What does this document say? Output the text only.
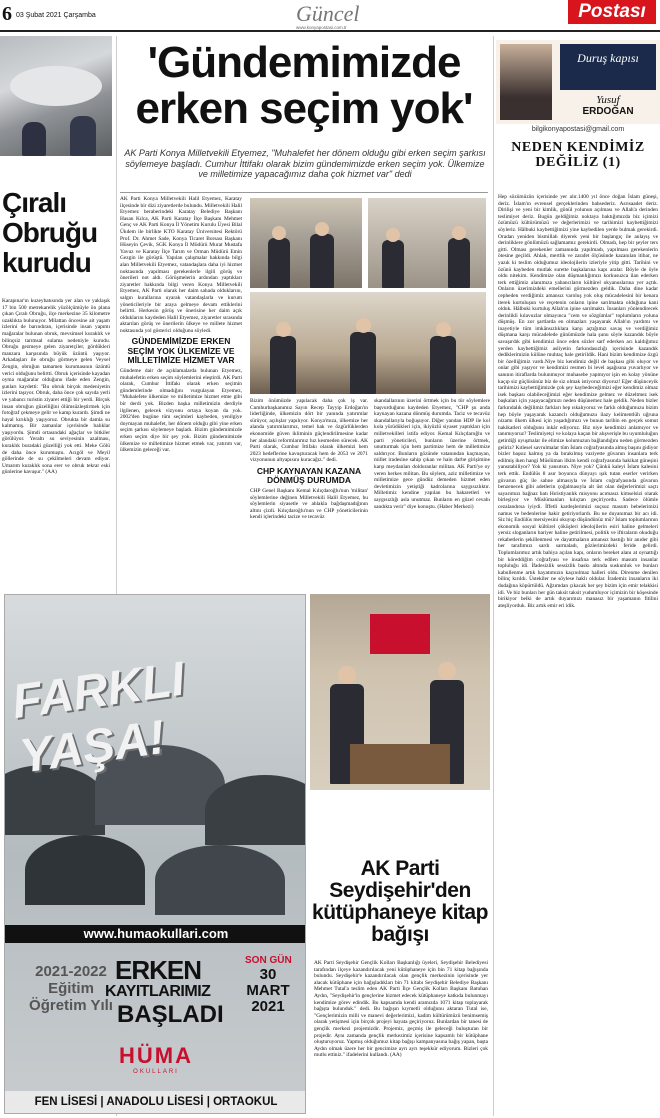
6 03 Şubat 2021 Çarşamba	Güncel
www.konyapostasi.com.tr
Postası
Çıralı Obruğu kurudu
Karapınar'ın kuzeybatısında yer alan ve yaklaşık 17 bin 500 metrekarelik yüzölçümüyle ön plana çıkan Çıralı Obruğu, ilçe merkezine 35 kilometre uzaklıkta bulunuyor. Milattan öncesine ait yaşam izlerini de barındıran, içerisinde insan yapımı mağaralar bulunan obruk, mevsimsel kuraklık ve bilinçsiz tarımsal sulama nedeniyle kurudu. Obruğu gezmeye gelen ziyaretçiler, gördükleri manzara karşısında büyük üzüntü yaşıyor. Arkadaşları ile obruğu görmeye gelen Veysel Zengin, obruğun tamamen kurumasının üzüntü verici olduğunu belirtti. Obruk içerisinde kayadan oyma mağaralar olduğunu ifade eden Zengin, şunları kaydetti: "Bu obruk birçok medeniyetin izlerini taşıyor. Obruk, daha önce çok sayıda yerli ve yabancı turistin ziyaret ettiği bir yerdi. Birçok insan obruğun güzelliğini ölümsüzleştirmek için fotoğraf çekmeye gelir ve kamp kurardı. Şimdi ne hayal kırıklığı yaşıyoruz. Obrukta bir damla su kalmamış. Bir zamanlar içerisinde balıklar yaşıyordu. Şimdi ortasındaki ağaçlar ve bitkiler görülüyor. Yeraltı su seviyesinin azalması, kuraklık buradaki güzelliği yok etti. Meke Gölü de daha önce kurumuştu. Acıgöl ve Meyil göllerinde de su çekilmeleri devam ediyor. Umarım kuraklık sona erer ve obruk tekrar eski günlerine kavuşur." (AA)
'Gündemimizde erken seçim yok'
AK Parti Konya Milletvekili Etyemez, "Muhalefet her dönem olduğu gibi erken seçim şarkısı söylemeye başladı. Cumhur İttifakı olarak bizim gündemimizde erken seçim yok. Ülkemize ve milletimize yapacağımız daha çok hizmet var" dedi
AK Parti Konya Milletvekili Halil Etyemez, Karatay ilçesinde bir dizi ziyaretlerde bulundu. Milletvekili Halil Etyemez beraberindeki Karatay Belediye Başkanı Hasan Kılca, AK Parti Karatay İlçe Başkanı Mehmet Genç ve AK Parti Konya İl Yönetim Kurulu Üyesi Bilal Ükdem ile birlikte KTO Karatay Üniversitesi Rektörü Prof. Dr. Ahmet Sade, Konya Ticaret Borsası Başkanı Hüseyin Çevik, SGK Konya İl Müdürü Murat Mustafa Yavuz ve Karatay İlçe Tarım ve Orman Müdürü Emin Gezgin ile görüştü. Yapılan çalışmalar hakkında bilgi alan Milletvekili Etyemez, vatandaşlara daha iyi hizmet noktasında yapılması gerekenlerle ilgili görüş ve önerileri not aldı. Görüşmelerin ardından yaptıkları ziyaretler hakkında bilgi veren Konya Milletvekili Etyemez, AK Parti olarak her daim sahada olduklarını, salgın kurallarına uyarak vatandaşlarla ve kurum yöneticileriyle bir araya gelmeye devam ettiklerini belirtti. Herkesin görüş ve önerisine her daim açık olduklarını kaydeden Halil Etyemez, ziyaretler sırasında aktarılan görüş ve önerilerin ülkeye ve millete hizmet noktasında yol gösterici olduğunu söyledi.
GÜNDEMİMİZDE ERKEN SEÇİM YOK ÜLKEMİZE VE MİLLETİMİZE HİZMET VAR
Gündeme dair de açıklamalarda bulunan Etyemez, muhalefetin erken seçim söylemlerini eleştirdi. AK Parti olarak, Cumhur İttifakı olarak erken seçimin gündemlerinde olmadığını vurgulayan Etyemez, "Muhalefete ülkemize ve milletimize hizmet etme gibi bir derdi yok. Bizden başka milletimizin derdiyle ilgilenen, gelecek vizyonu ortaya koyan da yok. 2002'den bugüne tüm seçimleri kaybeden, yenilgiye doymayan muhalefet, her dönem olduğu gibi yine erken seçim şarkısı söylemeye başladı. Bizim gündemimizde erken seçim diye bir şey yok. Bizim gündemimizde ülkemize ve milletimize hizmet etmek var, yatırım var, ülkemizin geleceği var.
Bizim önümüzde yapılacak daha çok iş var. Cumhurbaşkanımız Sayın Recep Tayyip Erdoğan'ın liderliğinde, ülkemizin dört bir yanında yatırımlar sürüyor, açılışlar yapılıyor. Konya'mıza, ülkemize her alanda yatırımlarımız, temel hak ve özgürlüklerden ekonomide güven ikliminin güçlendirilmesine kadar her alandaki reformlarımız hız kesmeden sürecek. AK Parti olarak, Cumhur İttifakı olarak ülkemizi hem 2023 hedeflerine kavuşturacak hem de 2053 ve 2071 vizyonunun altyapısını kuracağız." dedi.
CHP KAYNAYAN KAZANA DÖNMÜŞ DURUMDA
CHP Genel Başkanı Kemal Kılıçdaroğlu'nun 'militan' söylemlerine değinen Milletvekili Halil Etyemez, bu söylemlerin siyasetle ve ahlakla bağdaşmadığının altını çizdi. Kılıçdaroğlu'nun ve CHP yöneticilerinin kendi içlerindeki tacize ve tecavüz
skandallarının üzerini örtmek için bu tür söylemlere başvurduğunu kaydeden Etyemez, "CHP şu anda kaynayan kazana dönmüş durumda. Taciz ve tecavüz skandallarıyla boğuşuyor. Diğer yandan HDP ile kol kola yürüdükleri için, ikiyüzlü siyaset yaptıkları için milletvekilleri istifa ediyor. Kemal Kılıçdaroğlu ve parti yöneticileri, bunların üzerine örtmek, unutturmak için hem partimize hem de milletimize saldırıyor. Bunların gözünde vatanından kaçmayan, millet iradesine sahip çıkan ve hain darbe girişimine karşı meydanları dolduranlar militan. AK Parti'ye oy veren herkes militan. Bu söylem, aziz milletimize ve milletimize gece gündüz demeden hizmet eden devletimizin yetiştiği kadrolarına saygısızlıktır. Milletimiz kendine yapılan bu hakaretleri ve saygısızlığı asla unutmaz. Bunların en güzel cevabı sandıkta verir" diye konuştu. (Haber Merkezi)
FARKLI YAŞA!
www.humaokullari.com
2021-2022 Eğitim Öğretim Yılı
ERKEN
KAYITLARIMIZ
BAŞLADI
SON GÜN
30 MART 2021
HÜMA
OKULLARI
FEN LİSESİ | ANADOLU LİSESİ | ORTAOKUL
AK Parti Seydişehir'den kütüphaneye kitap bağışı
AK Parti Seydişehir Gençlik Kolları Başkanlığı üyeleri, Seydişehir Belediyesi tarafından ilçeye kazandırılacak yeni kütüphaneye için bin 71 kitap bağışında bulundu. Seydişehir'e kazandırılacak olan gençlik merkezinin içerisinde yer alacak kütüphane için bağışladıkları bin 71 kitabı Seydişehir Belediye Başkanı Mehmet Tutal'a teslim eden AK Parti İlçe Gençlik Kolları Başkanı Batuhan Aydın, "Seydişehir'in gençlerine hizmet edecek kütüphaneye katkıda bulunmayı kendimize görev edindik. Bu kapsamda kendi aramızda 1071 kitap toplayarak bağışta bulunduk." dedi. Bu bağışın kıymetli olduğunu aktaran Tutal ise, "Gençlerimizin milli ve manevi değerlerimizi, kadim kültürümüzü benimsemiş olarak yetişmesi için birçok projeyi hayata geçiriyoruz. Bunlardan bir tanesi de gençlik merkezi projemizdir. Projemiz, geçmiş ile geleceği buluşturan bir projedir. Aynı zamanda gençlik merkezimiz içerisine kapsamlı bir kütüphane oluşturuyoruz. Yapmış olduğumuz kitap bağışı kampanyasına bağış yapan, başta Aydın olmak üzere her bir gencimize ayrı ayrı teşekkür ediyorum. Bizleri çok mutlu ettiniz." ifadelerini kullandı. (AA)
Duruş kapısı
Yusuf
ERDOĞAN
bilgikonyapostasi@gmail.com
NEDEN KENDİMİZ DEĞİLİZ (1)
Hep sözümüzün içerisinde yer alır.1400 yıl önce doğan İslam güneşi, deriz. İslam'ın evrensel gerçeklerinden bahsederiz. Asrısaadet deriz. Dirilişi ve yeni bir kimlik, gönül yolunun açılması ve Allah'a derinden teslimiyet deriz. Bugün geldiğimiz noktaya baktığımızda biz içimizi özümüzü kültürümüzü ve değerlerimizi ve tarihimizi kaybettiğimizi söyleriz. Hâlbuki kaybettiğimizi yine kaybedilen yerde bulmak gerekirdi. Oradan yeniden bismillah diyerek yeni bir başlangıç ile anlayış ve derinliklere gönlümüzü sağlamamız gerekirdi. Olmadı, hep bir şeyler ters gitti. Olması gerekenler zamanında yapılmadı, yapılması gerekenlerin ötesine geçildi. Ahlak, mertlik ve zarafet ölçüsünde kazanılan itibar, ne yazık ki teslim olduğumuz ideolojilerin izleriyle yitip gitti. Tarihini ve özünü kaybeden mutlak surette başkalarına kapı aralar. Böyle de öyle oldu nitekim. Kendimize olan düşmanlığımızı korkusuzca ilan ederken terk ettiğimiz alanımıza yabancıların kültürel okyanuslarına yer açtık. Onların üzerimizdeki emellerini görmezden geldik. Daha dine kadar cepheden verdiğimiz amansız varoluş yok oluş mücadelesini bir kenara iterek kurtuluşun ve reçetenin onların ipine sarılmakta olduğuna kani olduk. Hâlbuki kurtuluş Allah'ın ipine sarılmaktı. İnsanları yönlendirecek derinlikli kılavuzlar olmayınca "cem ve sözgümlar" toplumların yoluna düşmüş. En zor şartlarda en olmazları yaşayarak Allah'ın yardımı ve inayetiyle tüm imkânsızlıklara karşı açtığımız savaş ve verdiğimiz düşmana karşı mücadelede günümüzde hala şunu söyle kazandık böyle savaşırdık gibi kendimizi önce eden sözler sarf ederken acı kaldığımız yerden kaybettiğimiz asliyetin farkındasızlığı içerisinde kazandık dediklerimizin külüne muhtaç hale getirildik. Hani bizim kendimize özgü bir özelliğimiz vardı.Niye biz kendimiz değil de başkası gibi oluyor ve onlar gibi yaşıyor ve kendimizi resmen bi level aşağısına yuvarlıyor ve sanının itiraflarda bulunmuyor muhasebe yapmıyor işin en kolay yönüne kaçıp siz güçlüsünüz biz de siz olmak istiyoruz diyoruz! Eğer düşünceyik tarihimizi kaybettiğimizde çok şey kaybedeceğimizi eğer kendimiz olmaz isek başkası olabileceğimizi eğer kendimize gelmez ve düzeltmez isek başkaları için yaşayacağımızı neden düşünemez hale geldik. Neden bizler farkındalık değilimiz farkları hep ıskalıyoruz ve farklı olduğumuzu bizim hep böyle yaşayarak kazanclı olduğumuzu ilazy kelimentlüh uğruna nizamı ilkem ülkesi için yaşadığımızı ve bunun tarihin en gerçek somut hakikatleri olduğunu inkâr ediyoruz. Biz niye kendimizi anlamıyor ve tanımıyoruz? Teslimiyetçi ve kolaya kaçan bir alışverişle bu uyumluluğun getirdiği uyuşmalar ile elimize kolumuzun bağlandığını neden görmezden geliriz? Kıtlesel savrulmalar tüm İslam coğrafyasında almış başını gidiyor bizler başsız kalmış ya da bırakılmış vaziyette güvarun insanlara terk edilmiş iken hangi Müslüman ilkim kendi coğrafyasında hakikat güneşini yansıtabiliyor? Yok ki yansıtsın. Niye yok? Çünkü kaleyi İslam kalesini terk ettik. Endülüs 8 asır boyunca dünyayı ışık tutan eserler verirken güvarun güç ile sahne almasıyla ve İslam coğrafyasında güvarun benzenecek gibi adetlerin çoğalmasıyla alt üst olan değerlerimizi saçtı sayarımızı bağnaz batı Hıristiyanlık misyonu acımasız kimselsizi olarak birleşiyor ve Müslümanları kılıçtan geçiriyordu. Sadece ölümle cezalandırsa iyiydi. İffetli kardeşlerimizi suçsuz masum bebelerimizi namus ve bedenlerine hakir getiriyorlardı. Bu ne duyanımaz bir acı idi. Siz hiç Endülüs mersiyesini okuyup düşündünüz mü? İslam toplumlarının ekonomik sosyal kültürel çöküşleri ideolojilerin esiri haline gelmeleri yersiz sloganların bariyer haline getirilmesi, politik ve iftiraların okuduğu rekabetlerin şekillenmesi ve dayatmaların amansız bastığı bir anıder gibi her tarafımızı sardı sarmaladı, gözlerimizdeki feride gelirdi. Toplumlarımız artık bahiya açılan kapı, onların bereket alanı at oynattığı bir köreddiğim coğrafyası ve insafına terk edilen masum insanlar topluluğu idi. İfadesizlik sessizlik baskı altında suskunluk ve bunları kabullenme artık hayatımızın kaçınılmaz halleri oldu. Direnme denilen bilinç kırıldı. Üstekiler ne söylese haklı oldular. İrademiz insanların iki dudağına köpürtüldü. Ağzımdan çıkacak her şey bizim için emir telakkisi idi. Ve biz bunları her gün taksit taksit yudumluyor içimizin bir köşesinde birikiyor belki de artık duyarımızı manasız bir yaşamanın fitilini ateşliyorduk. Biz artık emir eri idik.
